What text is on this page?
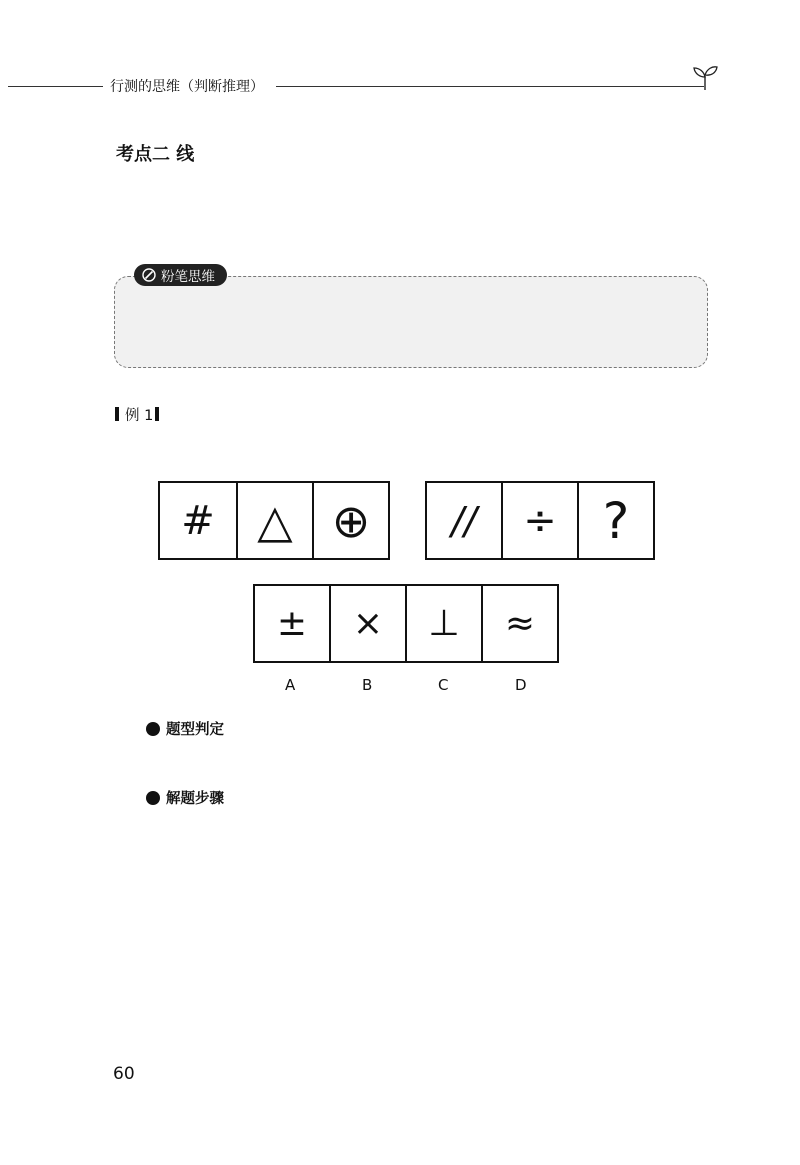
行测的思维（判断推理）
考点二 线
粉笔思维
例 1
# △ ⊕ // ÷ ?
± × ⊥ ≈
A	B	C	D
题型判定
解题步骤
60
